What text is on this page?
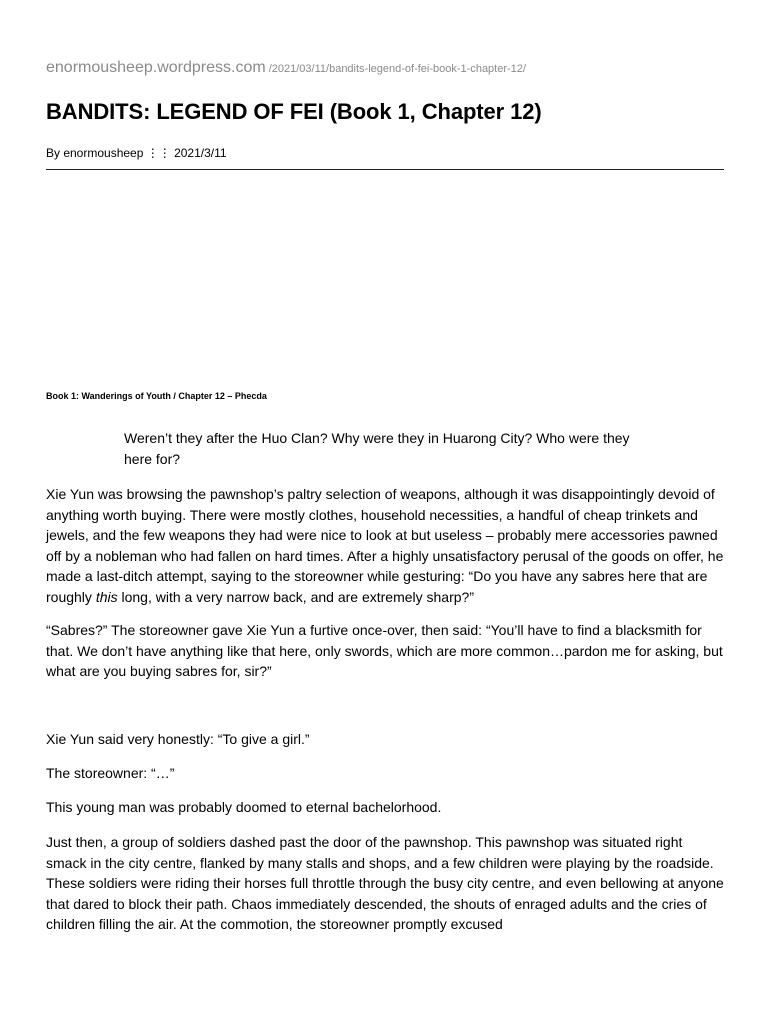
enormousheep.wordpress.com /2021/03/11/bandits-legend-of-fei-book-1-chapter-12/
BANDITS: LEGEND OF FEI (Book 1, Chapter 12)
By enormousheep ⋮⋮ 2021/3/11
Book 1: Wanderings of Youth / Chapter 12 – Phecda

Weren’t they after the Huo Clan? Why were they in Huarong City? Who were they here for?

Xie Yun was browsing the pawnshop’s paltry selection of weapons, although it was disappointingly devoid of anything worth buying. There were mostly clothes, household necessities, a handful of cheap trinkets and jewels, and the few weapons they had were nice to look at but useless – probably mere accessories pawned off by a nobleman who had fallen on hard times. After a highly unsatisfactory perusal of the goods on offer, he made a last-ditch attempt, saying to the storeowner while gesturing: “Do you have any sabres here that are roughly this long, with a very narrow back, and are extremely sharp?”

“Sabres?” The storeowner gave Xie Yun a furtive once-over, then said: “You’ll have to find a blacksmith for that. We don’t have anything like that here, only swords, which are more common…pardon me for asking, but what are you buying sabres for, sir?”

Xie Yun said very honestly: “To give a girl.”

The storeowner: “…”

This young man was probably doomed to eternal bachelorhood.

Just then, a group of soldiers dashed past the door of the pawnshop. This pawnshop was situated right smack in the city centre, flanked by many stalls and shops, and a few children were playing by the roadside. These soldiers were riding their horses full throttle through the busy city centre, and even bellowing at anyone that dared to block their path. Chaos immediately descended, the shouts of enraged adults and the cries of children filling the air. At the commotion, the storeowner promptly excused
